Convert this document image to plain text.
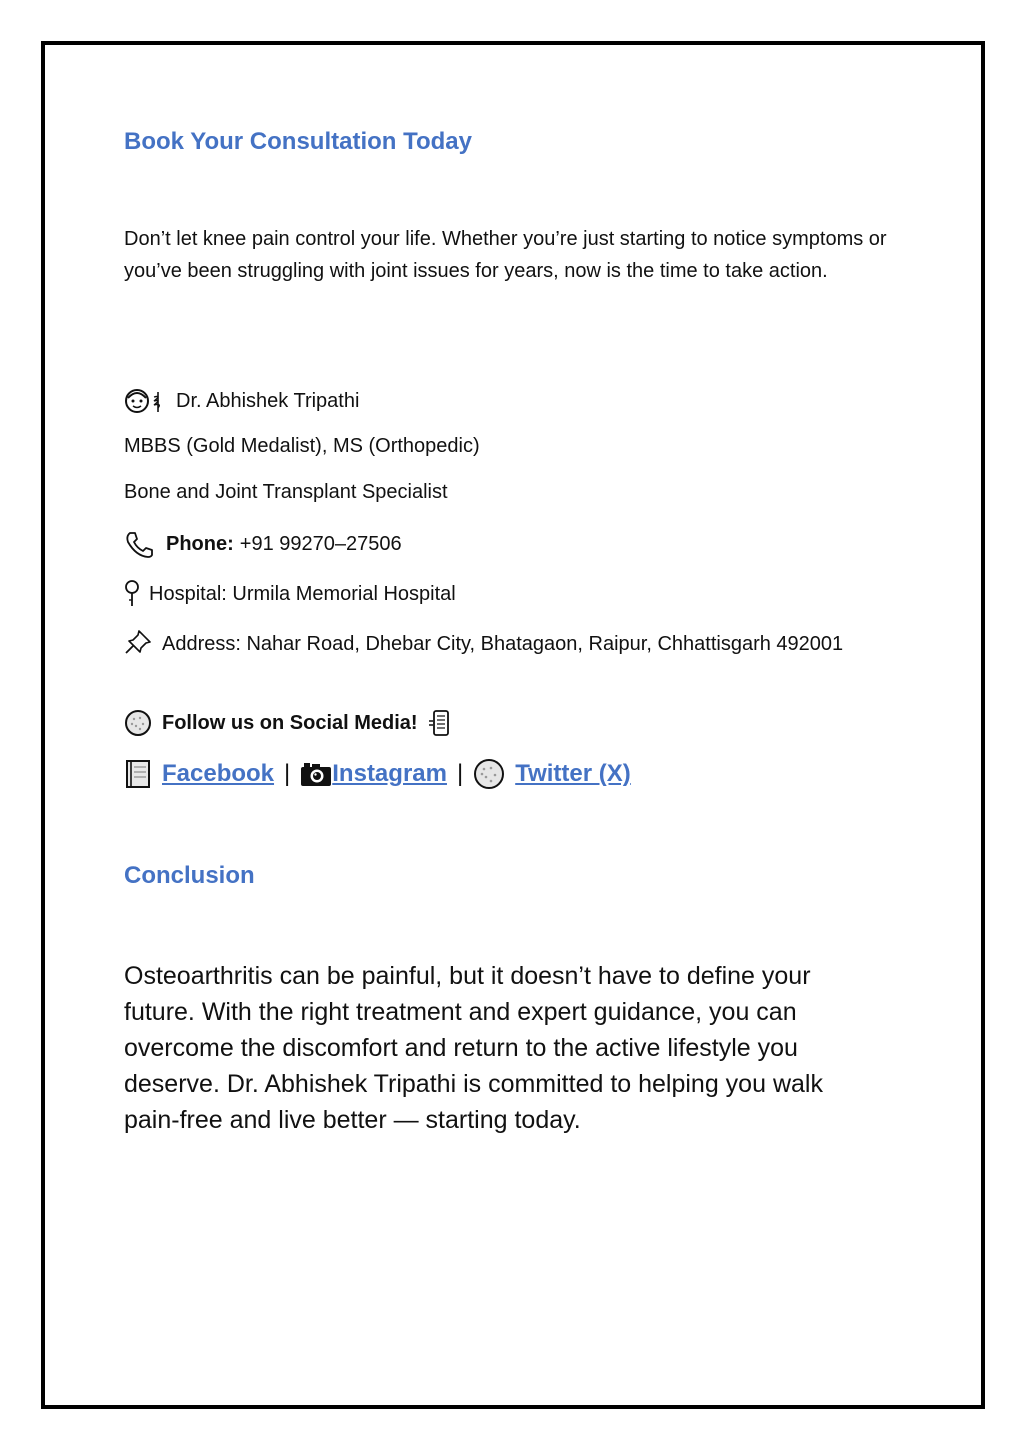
Book Your Consultation Today

Don’t let knee pain control your life. Whether you’re just starting to notice symptoms or you’ve been struggling with joint issues for years, now is the time to take action.

Dr. Abhishek Tripathi
MBBS (Gold Medalist), MS (Orthopedic)
Bone and Joint Transplant Specialist
Phone: +91 99270–27506
Hospital: Urmila Memorial Hospital
Address: Nahar Road, Dhebar City, Bhatagaon, Raipur, Chhattisgarh 492001
Follow us on Social Media!
Facebook | Instagram | Twitter (X)
Conclusion

Osteoarthritis can be painful, but it doesn’t have to define your future. With the right treatment and expert guidance, you can overcome the discomfort and return to the active lifestyle you deserve. Dr. Abhishek Tripathi is committed to helping you walk pain-free and live better — starting today.
